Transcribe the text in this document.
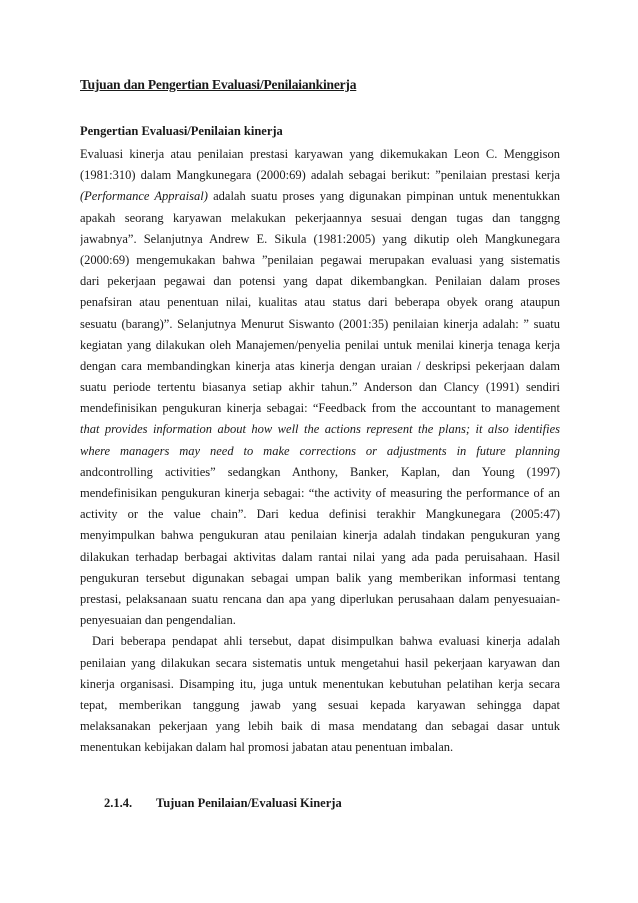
Tujuan dan Pengertian Evaluasi/Penilaiankinerja
Pengertian Evaluasi/Penilaian kinerja
Evaluasi kinerja atau penilaian prestasi karyawan yang dikemukakan Leon C. Menggison
(1981:310) dalam Mangkunegara (2000:69) adalah sebagai berikut: ”penilaian prestasi kerja
(Performance Appraisal) adalah suatu proses yang digunakan pimpinan untuk menentukkan
apakah seorang karyawan melakukan pekerjaannya sesuai dengan tugas dan tanggng
jawabnya”. Selanjutnya Andrew E. Sikula (1981:2005) yang dikutip oleh Mangkunegara
(2000:69) mengemukakan bahwa ”penilaian pegawai merupakan evaluasi yang sistematis
dari pekerjaan pegawai dan potensi yang dapat dikembangkan. Penilaian dalam proses
penafsiran atau penentuan nilai, kualitas atau status dari beberapa obyek orang ataupun
sesuatu (barang)”. Selanjutnya Menurut Siswanto (2001:35) penilaian kinerja adalah: ” suatu
kegiatan yang dilakukan oleh Manajemen/penyelia penilai untuk menilai kinerja tenaga kerja
dengan cara membandingkan kinerja atas kinerja dengan uraian / deskripsi pekerjaan dalam
suatu periode tertentu biasanya setiap akhir tahun.” Anderson dan Clancy (1991) sendiri
mendefinisikan pengukuran kinerja sebagai: “Feedback from the accountant to management
that provides information about how well the actions represent the plans; it also identifies
where managers may need to make corrections or adjustments in future planning
andcontrolling activities” sedangkan Anthony, Banker, Kaplan, dan Young (1997)
mendefinisikan pengukuran kinerja sebagai: “the activity of measuring the performance of an
activity or the value chain”. Dari kedua definisi terakhir Mangkunegara (2005:47)
menyimpulkan bahwa pengukuran atau penilaian kinerja adalah tindakan pengukuran yang
dilakukan terhadap berbagai aktivitas dalam rantai nilai yang ada pada peruisahaan. Hasil
pengukuran tersebut digunakan sebagai umpan balik yang memberikan informasi tentang
prestasi, pelaksanaan suatu rencana dan apa yang diperlukan perusahaan dalam penyesuaian-
penyesuaian dan pengendalian.
Dari beberapa pendapat ahli tersebut, dapat disimpulkan bahwa evaluasi kinerja adalah
penilaian yang dilakukan secara sistematis untuk mengetahui hasil pekerjaan karyawan dan
kinerja organisasi. Disamping itu, juga untuk menentukan kebutuhan pelatihan kerja secara
tepat, memberikan tanggung jawab yang sesuai kepada karyawan sehingga dapat
melaksanakan pekerjaan yang lebih baik di masa mendatang dan sebagai dasar untuk
menentukan kebijakan dalam hal promosi jabatan atau penentuan imbalan.
2.1.4. Tujuan Penilaian/Evaluasi Kinerja
